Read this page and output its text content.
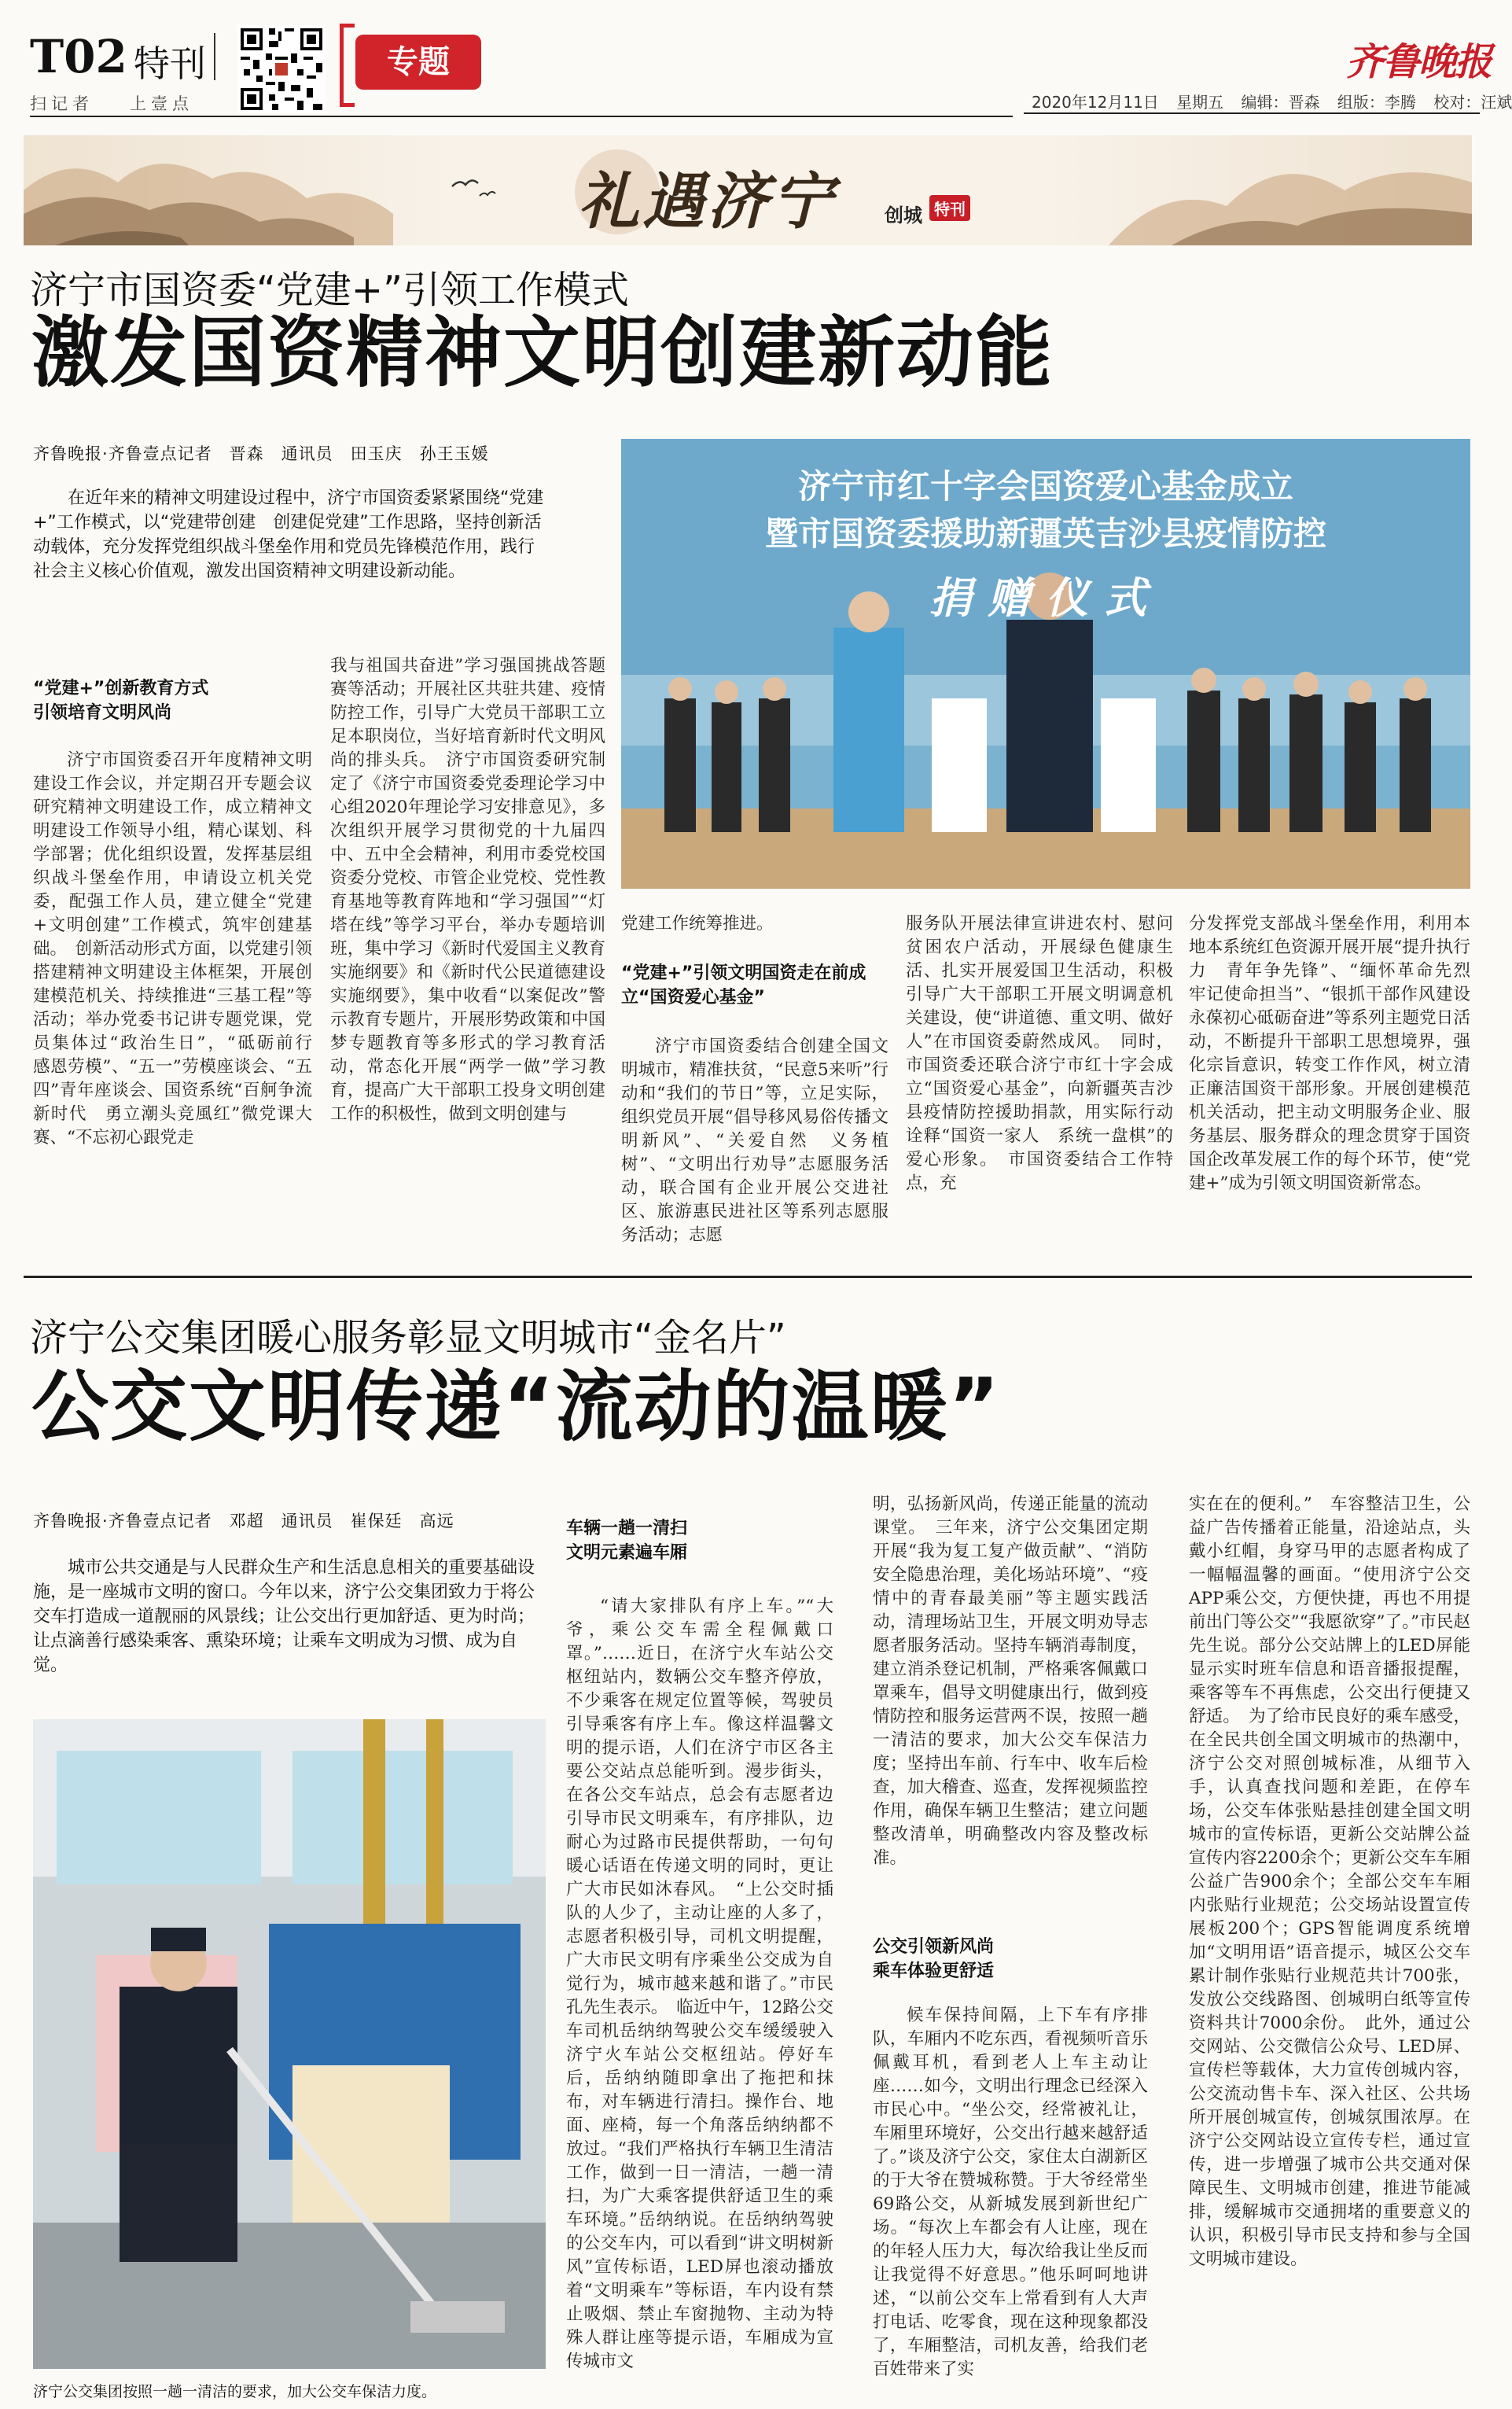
T02 特刊
扫记者 上壹点
专题	齐鲁晚报
2020年12月11日 星期五 编辑：晋森 组版：李腾 校对：汪斌
礼遇济宁	创城 特刊
济宁市国资委“党建+”引领工作模式
激发国资精神文明创建新动能
齐鲁晚报·齐鲁壹点记者　晋森　通讯员　田玉庆　孙王玉媛

在近年来的精神文明建设过程中，济宁市国资委紧紧围绕“党建+”工作模式，以“党建带创建　创建促党建”工作思路，坚持创新活动载体，充分发挥党组织战斗堡垒作用和党员先锋模范作用，践行社会主义核心价值观，激发出国资精神文明建设新动能。

济宁市红十字会国资爱心基金成立
暨市国资委援助新疆英吉沙县疫情防控
捐赠仪式
“党建+”创新教育方式
引领培育文明风尚

济宁市国资委召开年度精神文明建设工作会议，并定期召开专题会议研究精神文明建设工作，成立精神文明建设工作领导小组，精心谋划、科学部署；优化组织设置，发挥基层组织战斗堡垒作用，申请设立机关党委，配强工作人员，建立健全“党建+文明创建”工作模式，筑牢创建基础。　创新活动形式方面，以党建引领搭建精神文明建设主体框架，开展创建模范机关、持续推进“三基工程”等活动；举办党委书记讲专题党课，党员集体过“政治生日”，“砥砺前行　感恩劳模”、“五一”劳模座谈会、“五四”青年座谈会、国资系统“百舸争流新时代　勇立潮头竞風红”微党课大赛、“不忘初心跟党走

我与祖国共奋进”学习强国挑战答题赛等活动；开展社区共驻共建、疫情防控工作，引导广大党员干部职工立足本职岗位，当好培育新时代文明风尚的排头兵。　济宁市国资委研究制定了《济宁市国资委党委理论学习中心组2020年理论学习安排意见》，多次组织开展学习贯彻党的十九届四中、五中全会精神，利用市委党校国资委分党校、市管企业党校、党性教育基地等教育阵地和“学习强国”“灯塔在线”等学习平台，举办专题培训班，集中学习《新时代爱国主义教育实施纲要》和《新时代公民道德建设实施纲要》，集中收看“以案促改”警示教育专题片，开展形势政策和中国梦专题教育等多形式的学习教育活动，常态化开展“两学一做”学习教育，提高广大干部职工投身文明创建工作的积极性，做到文明创建与

党建工作统筹推进。

“党建+”引领文明国资走在前成立“国资爱心基金”

济宁市国资委结合创建全国文明城市，精准扶贫，“民意5来听”行动和“我们的节日”等，立足实际，组织党员开展“倡导移风易俗传播文明新风”、“关爱自然　义务植树”、“文明出行劝导”志愿服务活动，联合国有企业开展公交进社区、旅游惠民进社区等系列志愿服务活动；志愿

服务队开展法律宣讲进农村、慰问贫困农户活动，开展绿色健康生活、扎实开展爱国卫生活动，积极引导广大干部职工开展文明调意机关建设，使“讲道德、重文明、做好人”在市国资委蔚然成风。　同时，市国资委还联合济宁市红十字会成立“国资爱心基金”，向新疆英吉沙县疫情防控援助捐款，用实际行动诠释“国资一家人　系统一盘棋”的爱心形象。　市国资委结合工作特点，充

分发挥党支部战斗堡垒作用，利用本地本系统红色资源开展开展“提升执行力　青年争先锋”、“缅怀革命先烈　牢记使命担当”、“银抓干部作风建设　永葆初心砥砺奋进”等系列主题党日活动，不断提升干部职工思想境界，强化宗旨意识，转变工作作风，树立清正廉洁国资干部形象。开展创建模范机关活动，把主动文明服务企业、服务基层、服务群众的理念贯穿于国资国企改革发展工作的每个环节，使“党建+”成为引领文明国资新常态。

济宁公交集团暖心服务彰显文明城市“金名片”
公交文明传递“流动的温暖”
齐鲁晚报·齐鲁壹点记者　邓超　通讯员　崔保廷　高远

城市公共交通是与人民群众生产和生活息息相关的重要基础设施，是一座城市文明的窗口。今年以来，济宁公交集团致力于将公交车打造成一道靓丽的风景线；让公交出行更加舒适、更为时尚；让点滴善行感染乘客、熏染环境；让乘车文明成为习惯、成为自觉。

济宁公交集团按照一趟一清洁的要求，加大公交车保洁力度。
车辆一趟一清扫
文明元素遍车厢

“请大家排队有序上车。”“大爷，乘公交车需全程佩戴口罩。”……近日，在济宁火车站公交枢纽站内，数辆公交车整齐停放，不少乘客在规定位置等候，驾驶员引导乘客有序上车。像这样温馨文明的提示语，人们在济宁市区各主要公交站点总能听到。漫步街头，在各公交车站点，总会有志愿者边引导市民文明乘车，有序排队，边耐心为过路市民提供帮助，一句句暖心话语在传递文明的同时，更让广大市民如沐春风。　“上公交时插队的人少了，主动让座的人多了，志愿者积极引导，司机文明提醒，广大市民文明有序乘坐公交成为自觉行为，城市越来越和谐了。”市民孔先生表示。　临近中午，12路公交车司机岳纳纳驾驶公交车缓缓驶入济宁火车站公交枢纽站。停好车后，岳纳纳随即拿出了拖把和抹布，对车辆进行清扫。操作台、地面、座椅，每一个角落岳纳纳都不放过。“我们严格执行车辆卫生清洁工作，做到一日一清洁，一趟一清扫，为广大乘客提供舒适卫生的乘车环境。”岳纳纳说。在岳纳纳驾驶的公交车内，可以看到“讲文明树新风”宣传标语，LED屏也滚动播放着“文明乘车”等标语，车内设有禁止吸烟、禁止车窗抛物、主动为特殊人群让座等提示语，车厢成为宣传城市文

明，弘扬新风尚，传递正能量的流动课堂。　三年来，济宁公交集团定期开展“我为复工复产做贡献”、“消防安全隐患治理，美化场站环境”、“疫情中的青春最美丽”等主题实践活动，清理场站卫生，开展文明劝导志愿者服务活动。坚持车辆消毒制度，建立消杀登记机制，严格乘客佩戴口罩乘车，倡导文明健康出行，做到疫情防控和服务运营两不误，按照一趟一清洁的要求，加大公交车保洁力度；坚持出车前、行车中、收车后检查，加大稽查、巡查，发挥视频监控作用，确保车辆卫生整洁；建立问题整改清单，明确整改内容及整改标准。

公交引领新风尚
乘车体验更舒适

候车保持间隔，上下车有序排队，车厢内不吃东西，看视频听音乐佩戴耳机，看到老人上车主动让座……如今，文明出行理念已经深入市民心中。“坐公交，经常被礼让，车厢里环境好，公交出行越来越舒适了。”谈及济宁公交，家住太白湖新区的于大爷在赞城称赞。于大爷经常坐69路公交，从新城发展到新世纪广场。“每次上车都会有人让座，现在的年轻人压力大，每次给我让坐反而让我觉得不好意思。”他乐呵呵地讲述，“以前公交车上常看到有人大声打电话、吃零食，现在这种现象都没了，车厢整洁，司机友善，给我们老百姓带来了实

实在在的便利。”　车容整洁卫生，公益广告传播着正能量，沿途站点，头戴小红帽，身穿马甲的志愿者构成了一幅幅温馨的画面。“使用济宁公交APP乘公交，方便快捷，再也不用提前出门等公交”“我愿欲穿”了。”市民赵先生说。部分公交站牌上的LED屏能显示实时班车信息和语音播报提醒，乘客等车不再焦虑，公交出行便捷又舒适。　为了给市民良好的乘车感受，在全民共创全国文明城市的热潮中，济宁公交对照创城标准，从细节入手，认真查找问题和差距，在停车场，公交车体张贴悬挂创建全国文明城市的宣传标语，更新公交站牌公益宣传内容2200余个；更新公交车车厢公益广告900余个；全部公交车车厢内张贴行业规范；公交场站设置宣传展板200个；GPS智能调度系统增加“文明用语”语音提示，城区公交车累计制作张贴行业规范共计700张，发放公交线路图、创城明白纸等宣传资料共计7000余份。　此外，通过公交网站、公交微信公众号、LED屏、宣传栏等载体，大力宣传创城内容，公交流动售卡车、深入社区、公共场所开展创城宣传，创城氛围浓厚。在济宁公交网站设立宣传专栏，通过宣传，进一步增强了城市公共交通对保障民生、文明城市创建，推进节能减排，缓解城市交通拥堵的重要意义的认识，积极引导市民支持和参与全国文明城市建设。
